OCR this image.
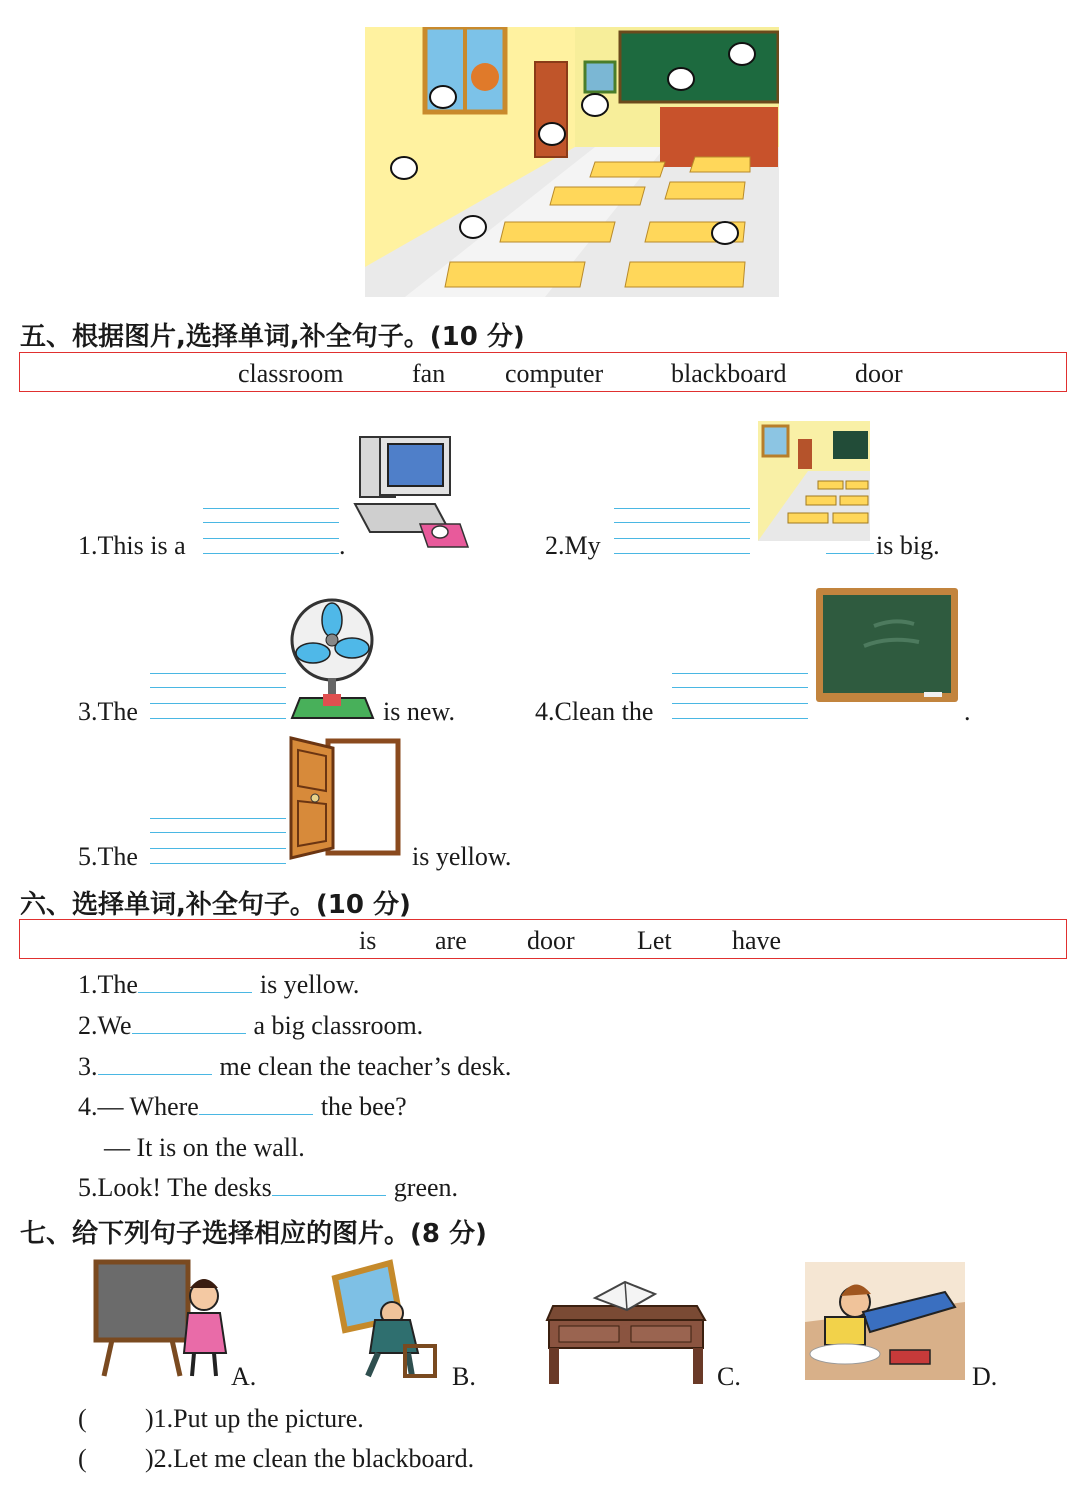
五、根据图片,选择单词,补全句子。(10 分)
classroom	fan computer	blackboard	door
1.This is a	.	2.My	is big.
3.The	is new.	4.Clean the	.
5.The	is yellow.
六、选择单词,补全句子。(10 分)
is are door Let have
1.The	is yellow.
2.We	a big classroom.
3.	me clean the teacher’s desk.
4.— Where	the bee?
— It is on the wall.
5.Look! The desks	green.
七、给下列句子选择相应的图片。(8 分)
A.	B.	C.	D.
( )1.Put up the picture.
( )2.Let me clean the blackboard.
